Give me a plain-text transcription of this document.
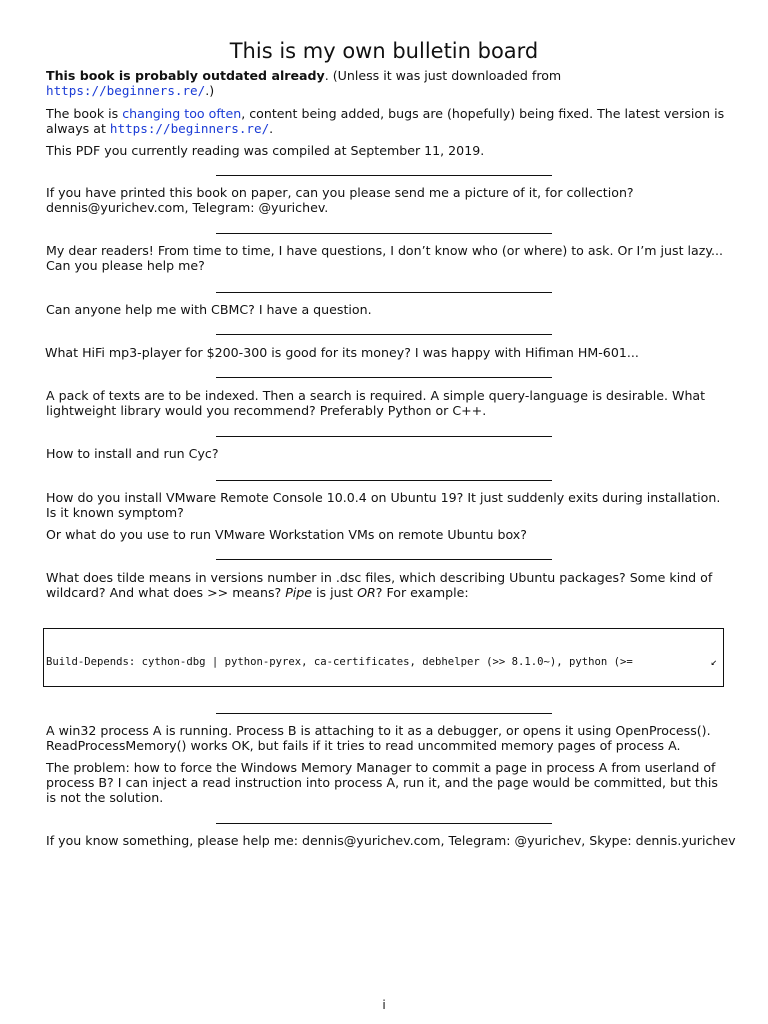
This is my own bulletin board

This book is probably outdated already. (Unless it was just downloaded from https://beginners.re/.)

The book is changing too often, content being added, bugs are (hopefully) being fixed. The latest version is always at https://beginners.re/.

This PDF you currently reading was compiled at September 11, 2019.

If you have printed this book on paper, can you please send me a picture of it, for collection? dennis@yurichev.com, Telegram: @yurichev.

My dear readers! From time to time, I have questions, I don’t know who (or where) to ask. Or I’m just lazy... Can you please help me?

Can anyone help me with CBMC? I have a question.

What HiFi mp3-player for $200-300 is good for its money? I was happy with Hifiman HM-601...

A pack of texts are to be indexed. Then a search is required. A simple query-language is desirable. What lightweight library would you recommend? Preferably Python or C++.

How to install and run Cyc?

How do you install VMware Remote Console 10.0.4 on Ubuntu 19? It just suddenly exits during installation. Is it known symptom?

Or what do you use to run VMware Workstation VMs on remote Ubuntu box?

What does tilde means in versions number in .dsc files, which describing Ubuntu packages? Some kind of wildcard? And what does >> means? Pipe is just OR? For example:

Build-Depends: cython-dbg | python-pyrex, ca-certificates, debhelper (>> 8.1.0~), python (>=	↙

A win32 process A is running. Process B is attaching to it as a debugger, or opens it using OpenProcess(). ReadProcessMemory() works OK, but fails if it tries to read uncommited memory pages of process A.

The problem: how to force the Windows Memory Manager to commit a page in process A from userland of process B? I can inject a read instruction into process A, run it, and the page would be committed, but this is not the solution.

If you know something, please help me: dennis@yurichev.com, Telegram: @yurichev, Skype: dennis.yurichev

i
